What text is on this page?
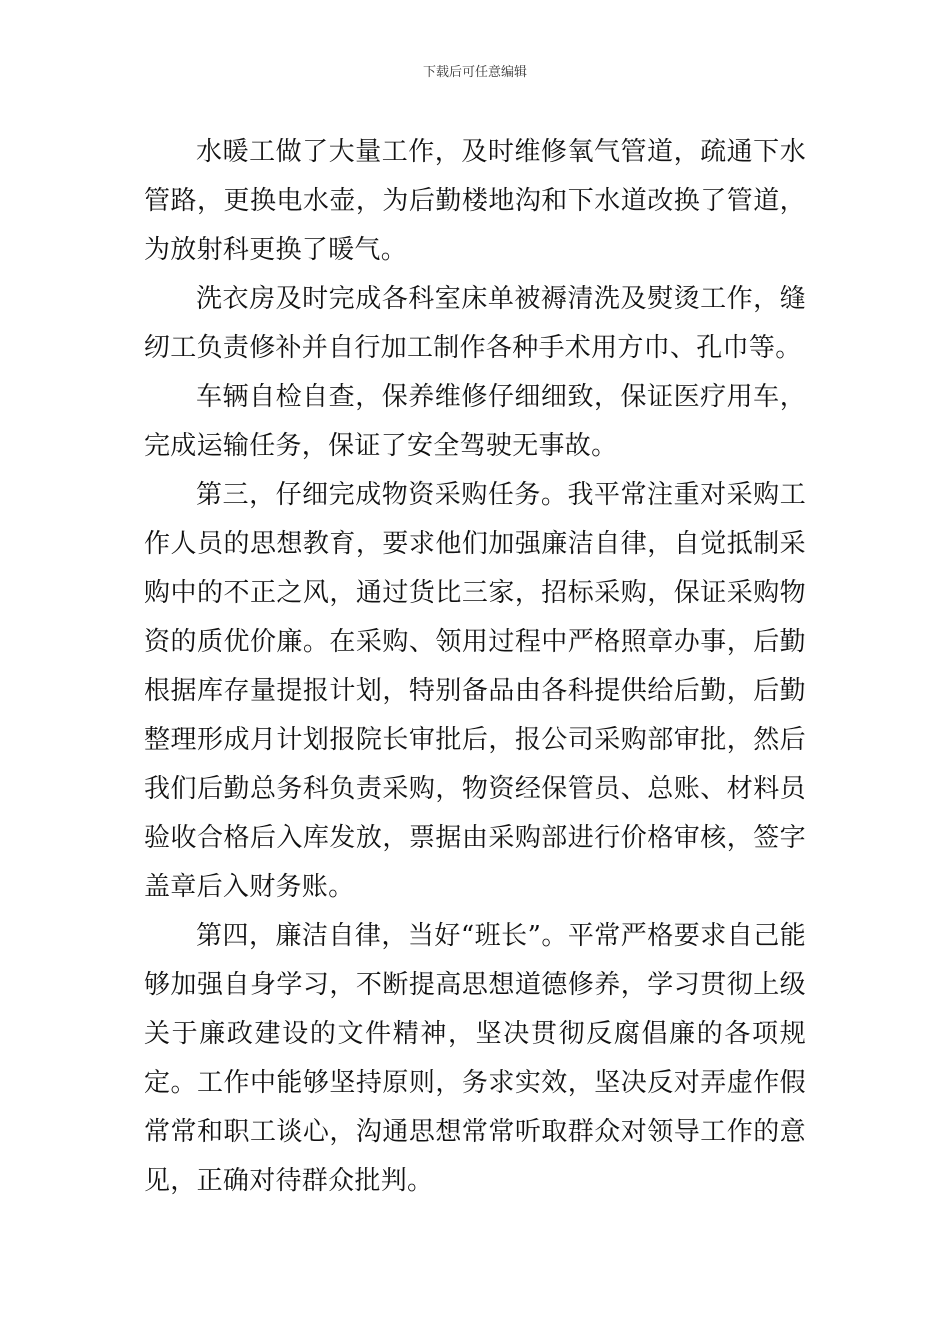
下载后可任意编辑

水暖工做了大量工作，及时维修氧气管道，疏通下水管路，更换电水壶，为后勤楼地沟和下水道改换了管道，为放射科更换了暖气。

洗衣房及时完成各科室床单被褥清洗及熨烫工作，缝纫工负责修补并自行加工制作各种手术用方巾、孔巾等。

车辆自检自查，保养维修仔细细致，保证医疗用车，完成运输任务，保证了安全驾驶无事故。

第三，仔细完成物资采购任务。我平常注重对采购工作人员的思想教育，要求他们加强廉洁自律，自觉抵制采购中的不正之风，通过货比三家，招标采购，保证采购物资的质优价廉。在采购、领用过程中严格照章办事，后勤根据库存量提报计划，特别备品由各科提供给后勤，后勤整理形成月计划报院长审批后，报公司采购部审批，然后我们后勤总务科负责采购，物资经保管员、总账、材料员验收合格后入库发放，票据由采购部进行价格审核，签字盖章后入财务账。

第四，廉洁自律，当好“班长”。平常严格要求自己能够加强自身学习，不断提高思想道德修养，学习贯彻上级关于廉政建设的文件精神，坚决贯彻反腐倡廉的各项规定。工作中能够坚持原则，务求实效，坚决反对弄虚作假常常和职工谈心，沟通思想常常听取群众对领导工作的意见，正确对待群众批判。
